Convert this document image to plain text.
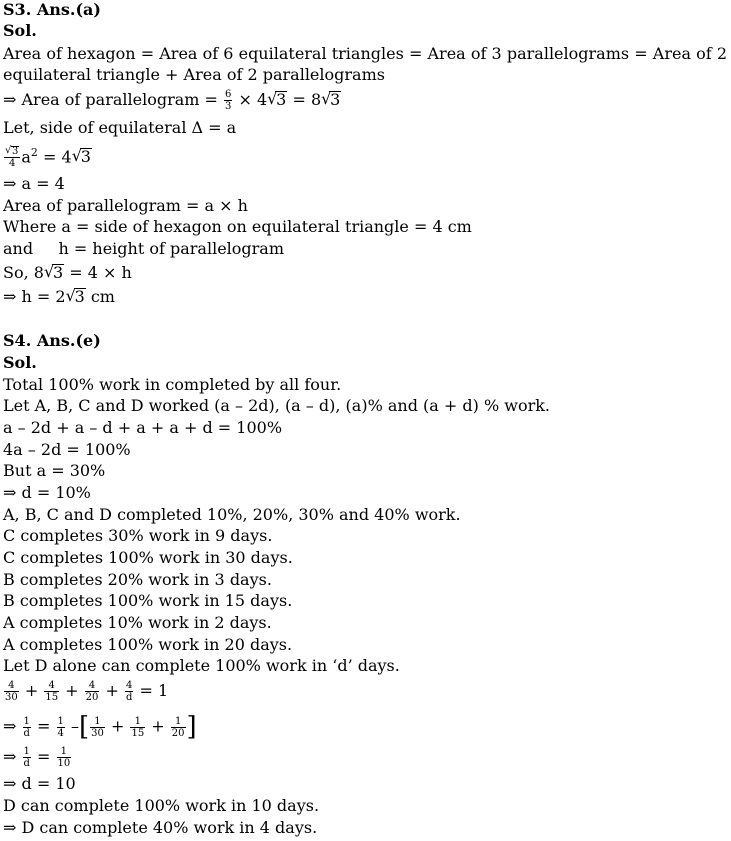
S3. Ans.(a)
Sol.
Area of hexagon = Area of 6 equilateral triangles = Area of 3 parallelograms = Area of 2 equilateral triangle + Area of 2 parallelograms
⇒ Area of parallelogram = $\frac{6}{3} \times 4√$ 3 = 8√ 3
Let, side of equilateral Δ = a
√ $\frac{3}{4} a^2 = 4√$ 3
⇒ a = 4
Area of parallelogram = a × h
Where a = side of hexagon on equilateral triangle = 4 cm
and     h = height of parallelogram
So, 8√ 3 = 4 × h
⇒ h = 2√ 3 cm
S4. Ans.(e)
Sol.
Total 100% work in completed by all four.
Let A, B, C and D worked (a – 2d), (a – d), (a)% and (a + d) % work.
a – 2d + a – d + a + a + d = 100%
4a – 2d = 100%
But a = 30%
⇒ d = 10%
A, B, C and D completed 10%, 20%, 30% and 40% work.
C completes 30% work in 9 days.
C completes 100% work in 30 days.
B completes 20% work in 3 days.
B completes 100% work in 15 days.
A completes 10% work in 2 days.
A completes 100% work in 20 days.
Let D alone can complete 100% work in ‘d’ days.
$\frac{4}{30} + \frac{4}{15} + \frac{4}{20} + \frac{4}{d} = 1$
⇒ $\frac{1}{d} = \frac{1}{4}$ –[ $\frac{1}{30} + \frac{1}{15} + \frac{1}{20}$ ]
⇒ $\frac{1}{d} = \frac{1}{10}$
⇒ d = 10
D can complete 100% work in 10 days.
⇒ D can complete 40% work in 4 days.
